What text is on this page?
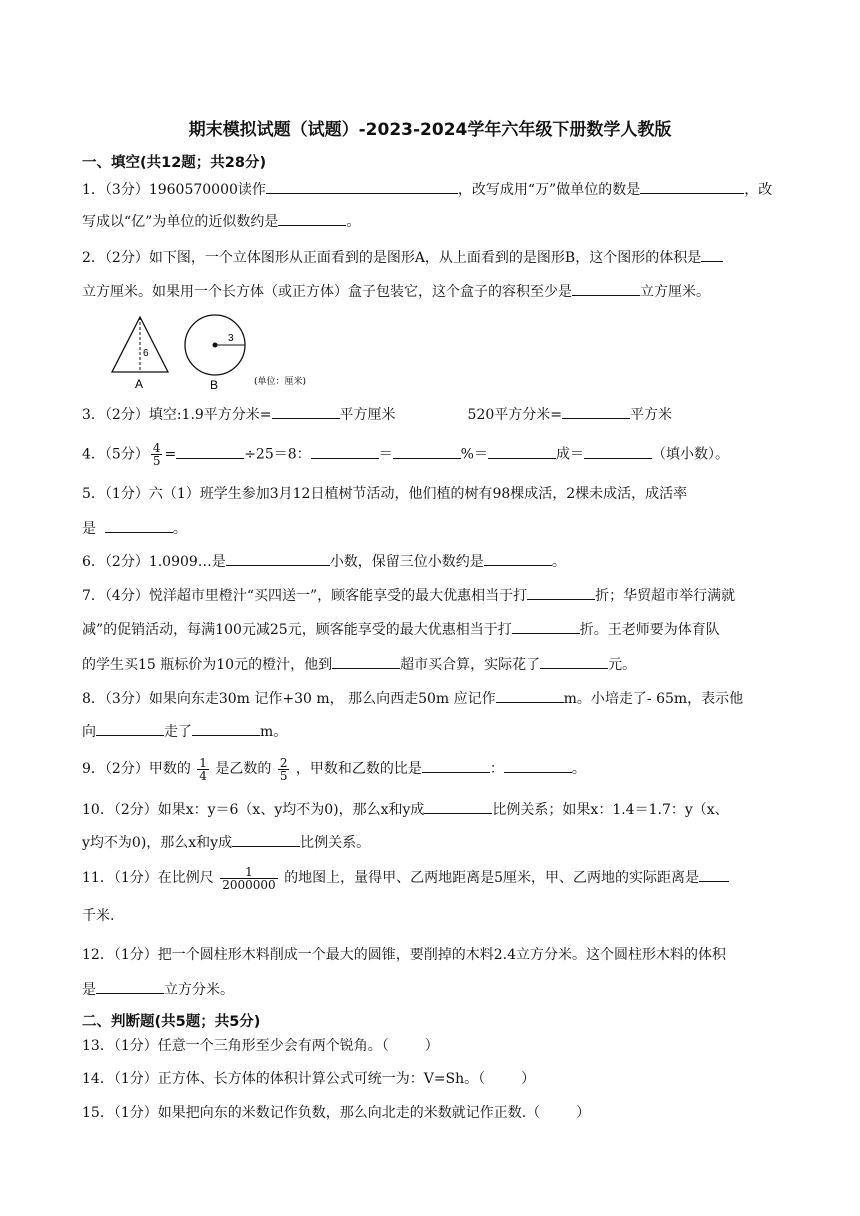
期末模拟试题（试题）-2023-2024学年六年级下册数学人教版
一、填空(共12题；共28分)
1．（3分）1960570000读作	，改写成用“万”做单位的数是	，改
写成以“亿”为单位的近似数约是	。
2．（2分）如下图，一个立体图形从正面看到的是图形A，从上面看到的是图形B，这个图形的体积是
立方厘米。如果用一个长方体（或正方体）盒子包装它，这个盒子的容积至少是	立方厘米。
6
A
3
B	(单位：厘米)
3．（2分）填空:1.9平方分米=	平方厘米	520平方分米=	平方米
4．（5分） $\frac{4}{5}$ =	÷25＝8：	＝	%＝	成＝	（填小数）。
5．（1分）六（1）班学生参加3月12日植树节活动，他们植的树有98棵成活，2棵未成活，成活率
是	。
6．（2分）1.0909…是	小数，保留三位小数约是	。
7．（4分）悦洋超市里橙汁“买四送一”，顾客能享受的最大优惠相当于打	折；华贸超市举行满就
减”的促销活动，每满100元减25元，顾客能享受的最大优惠相当于打	折。王老师要为体育队
的学生买15 瓶标价为10元的橙汁，他到	超市买合算，实际花了	元。
8．（3分）如果向东走30m 记作+30 m， 那么向西走50m 应记作	m。小培走了- 65m，表示他
向	走了	m。
9．（2分）甲数的 $\frac{1}{4}$ 是乙数的 $\frac{2}{5}$ ，甲数和乙数的比是	：	。
10．（2分）如果x：y＝6（x、y均不为0)，那么x和y成	比例关系；如果x：1.4＝1.7：y（x、
y均不为0)，那么x和y成	比例关系。
11．（1分）在比例尺 $\frac{1}{2000000}$ 的地图上，量得甲、乙两地距离是5厘米，甲、乙两地的实际距离是
千米.
12．（1分）把一个圆柱形木料削成一个最大的圆锥，要削掉的木料2.4立方分米。这个圆柱形木料的体积
是	立方分米。
二、判断题(共5题；共5分)
13．（1分）任意一个三角形至少会有两个锐角。（	）
14．（1分）正方体、长方体的体积计算公式可统一为：V=Sh。（	）
15．（1分）如果把向东的米数记作负数，那么向北走的米数就记作正数.（	）
